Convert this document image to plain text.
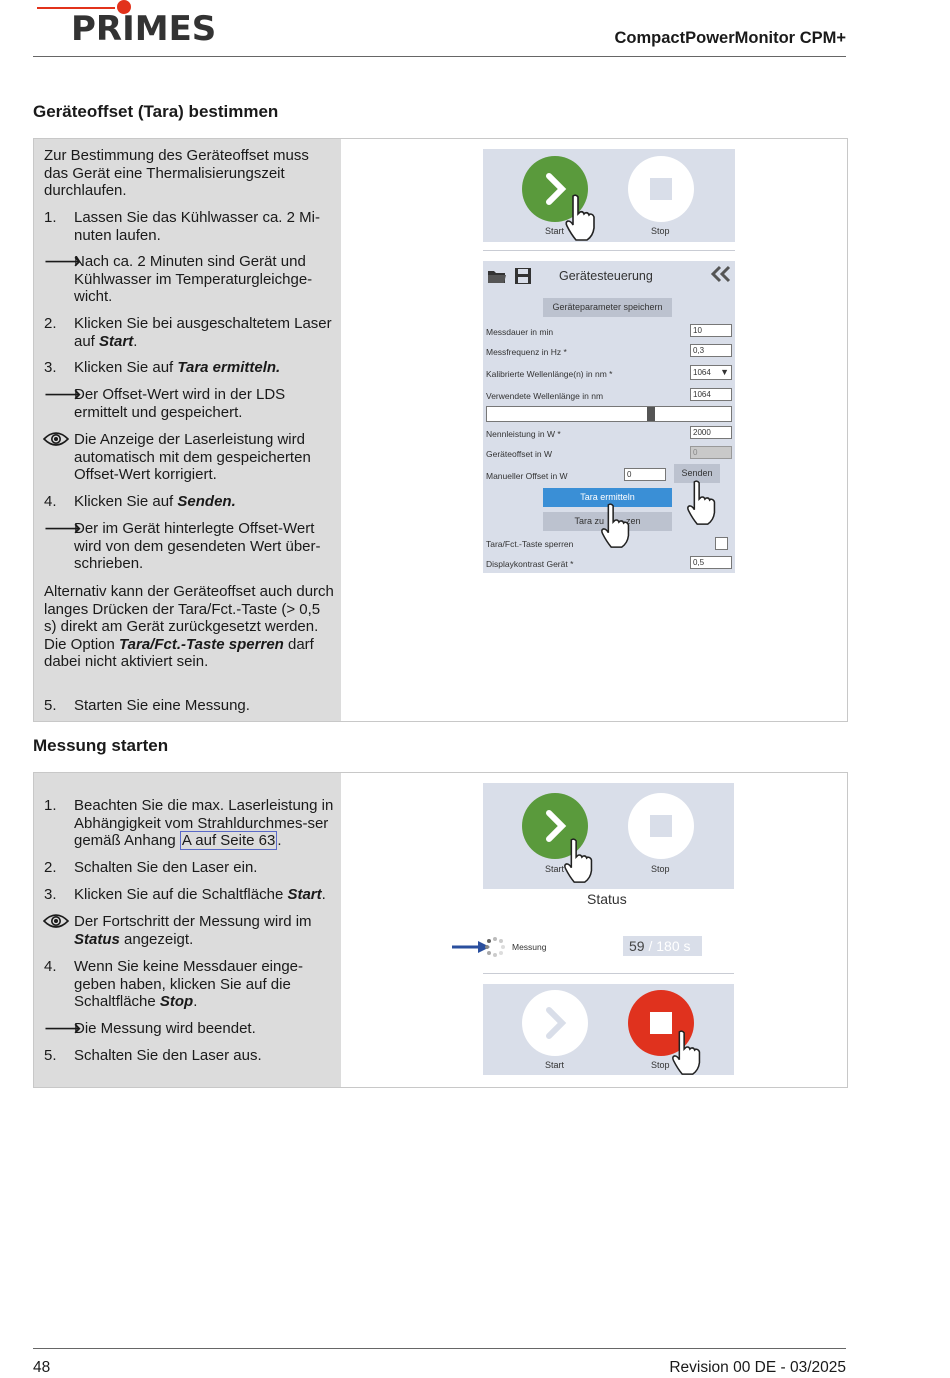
PRIMES	CompactPowerMonitor CPM+
Geräteoffset (Tara) bestimmen
Zur Bestimmung des Geräteoffset muss das Gerät eine Thermalisierungszeit durchlaufen.
1. Lassen Sie das Kühlwasser ca. 2 Mi-nuten laufen.
🡒
Nach ca. 2 Minuten sind Gerät und Kühlwasser im Temperaturgleichge-wicht.
2. Klicken Sie bei ausgeschaltetem Laser auf Start.
3. Klicken Sie auf Tara ermitteln.
🡒
Der Offset-Wert wird in der LDS ermittelt und gespeichert.
Die Anzeige der Laserleistung wird automatisch mit dem gespeicherten Offset-Wert korrigiert.
4. Klicken Sie auf Senden.
🡒
Der im Gerät hinterlegte Offset-Wert wird von dem gesendeten Wert über-schrieben.
Alternativ kann der Geräteoffset auch durch langes Drücken der Tara/Fct.-Taste (> 0,5 s) direkt am Gerät zurückgesetzt werden.
Die Option Tara/Fct.-Taste sperren darf dabei nicht aktiviert sein.
5. Starten Sie eine Messung.
Start	Stop
Gerätesteuerung
Geräteparameter speichern
Messdauer in min	10
Messfrequenz in Hz *	0,3
Kalibrierte Wellenlänge(n) in nm *	1064 ▼
Verwendete Wellenlänge in nm	1064
Nennleistung in W *	2000
Geräteoffset in W	0
Manueller Offset in W	0	Senden
Tara ermitteln
Tara zu zen
Tara/Fct.-Taste sperren
Displaykontrast Gerät *	0,5
Messung starten
1. Beachten Sie die max. Laserleistung in Abhängigkeit vom Strahldurchmes-ser gemäß Anhang A auf Seite 63 .
2. Schalten Sie den Laser ein.
3. Klicken Sie auf die Schaltfläche Start.
Der Fortschritt der Messung wird im Status angezeigt.
4. Wenn Sie keine Messdauer einge-geben haben, klicken Sie auf die Schaltfläche Stop.
🡒
Die Messung wird beendet.
5. Schalten Sie den Laser aus.
Start	Stop
Status
Messung	59 / 180 s
Start	Stop
48	Revision 00 DE - 03/2025
